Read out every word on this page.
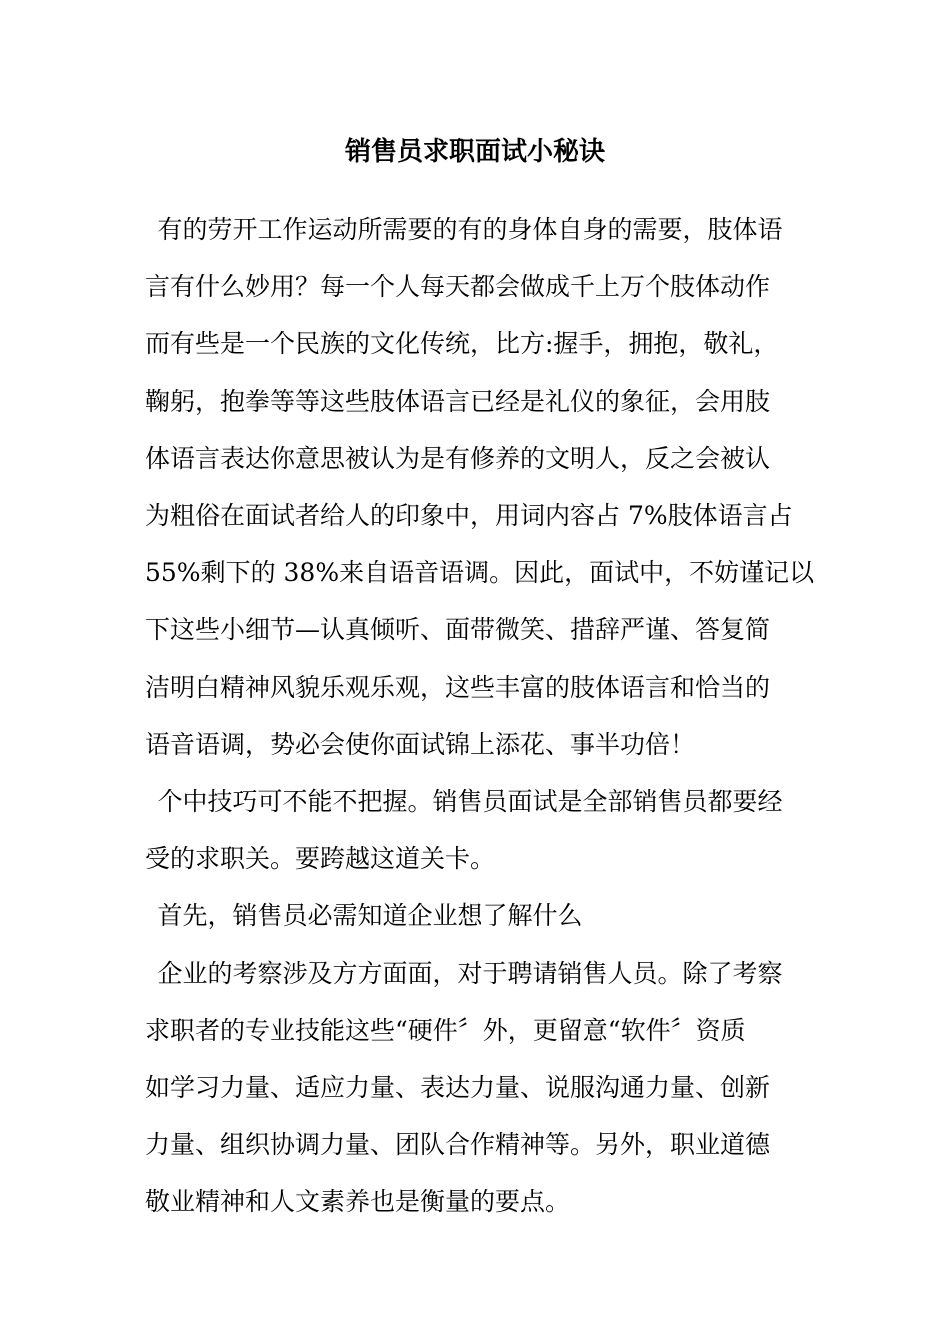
销售员求职面试小秘诀

有的劳开工作运动所需要的有的身体自身的需要，肢体语
言有什么妙用？每一个人每天都会做成千上万个肢体动作
而有些是一个民族的文化传统，比方:握手，拥抱，敬礼，
鞠躬，抱拳等等这些肢体语言已经是礼仪的象征，会用肢
体语言表达你意思被认为是有修养的文明人，反之会被认
为粗俗在面试者给人的印象中，用词内容占 7%肢体语言占
55%剩下的 38%来自语音语调。因此，面试中，不妨谨记以
下这些小细节—认真倾听、面带微笑、措辞严谨、答复简
洁明白精神风貌乐观乐观，这些丰富的肢体语言和恰当的
语音语调，势必会使你面试锦上添花、事半功倍！

个中技巧可不能不把握。销售员面试是全部销售员都要经
受的求职关。要跨越这道关卡。

首先，销售员必需知道企业想了解什么

企业的考察涉及方方面面，对于聘请销售人员。除了考察
求职者的专业技能这些“硬件〞外，更留意“软件〞资质
如学习力量、适应力量、表达力量、说服沟通力量、创新
力量、组织协调力量、团队合作精神等。另外，职业道德
敬业精神和人文素养也是衡量的要点。
